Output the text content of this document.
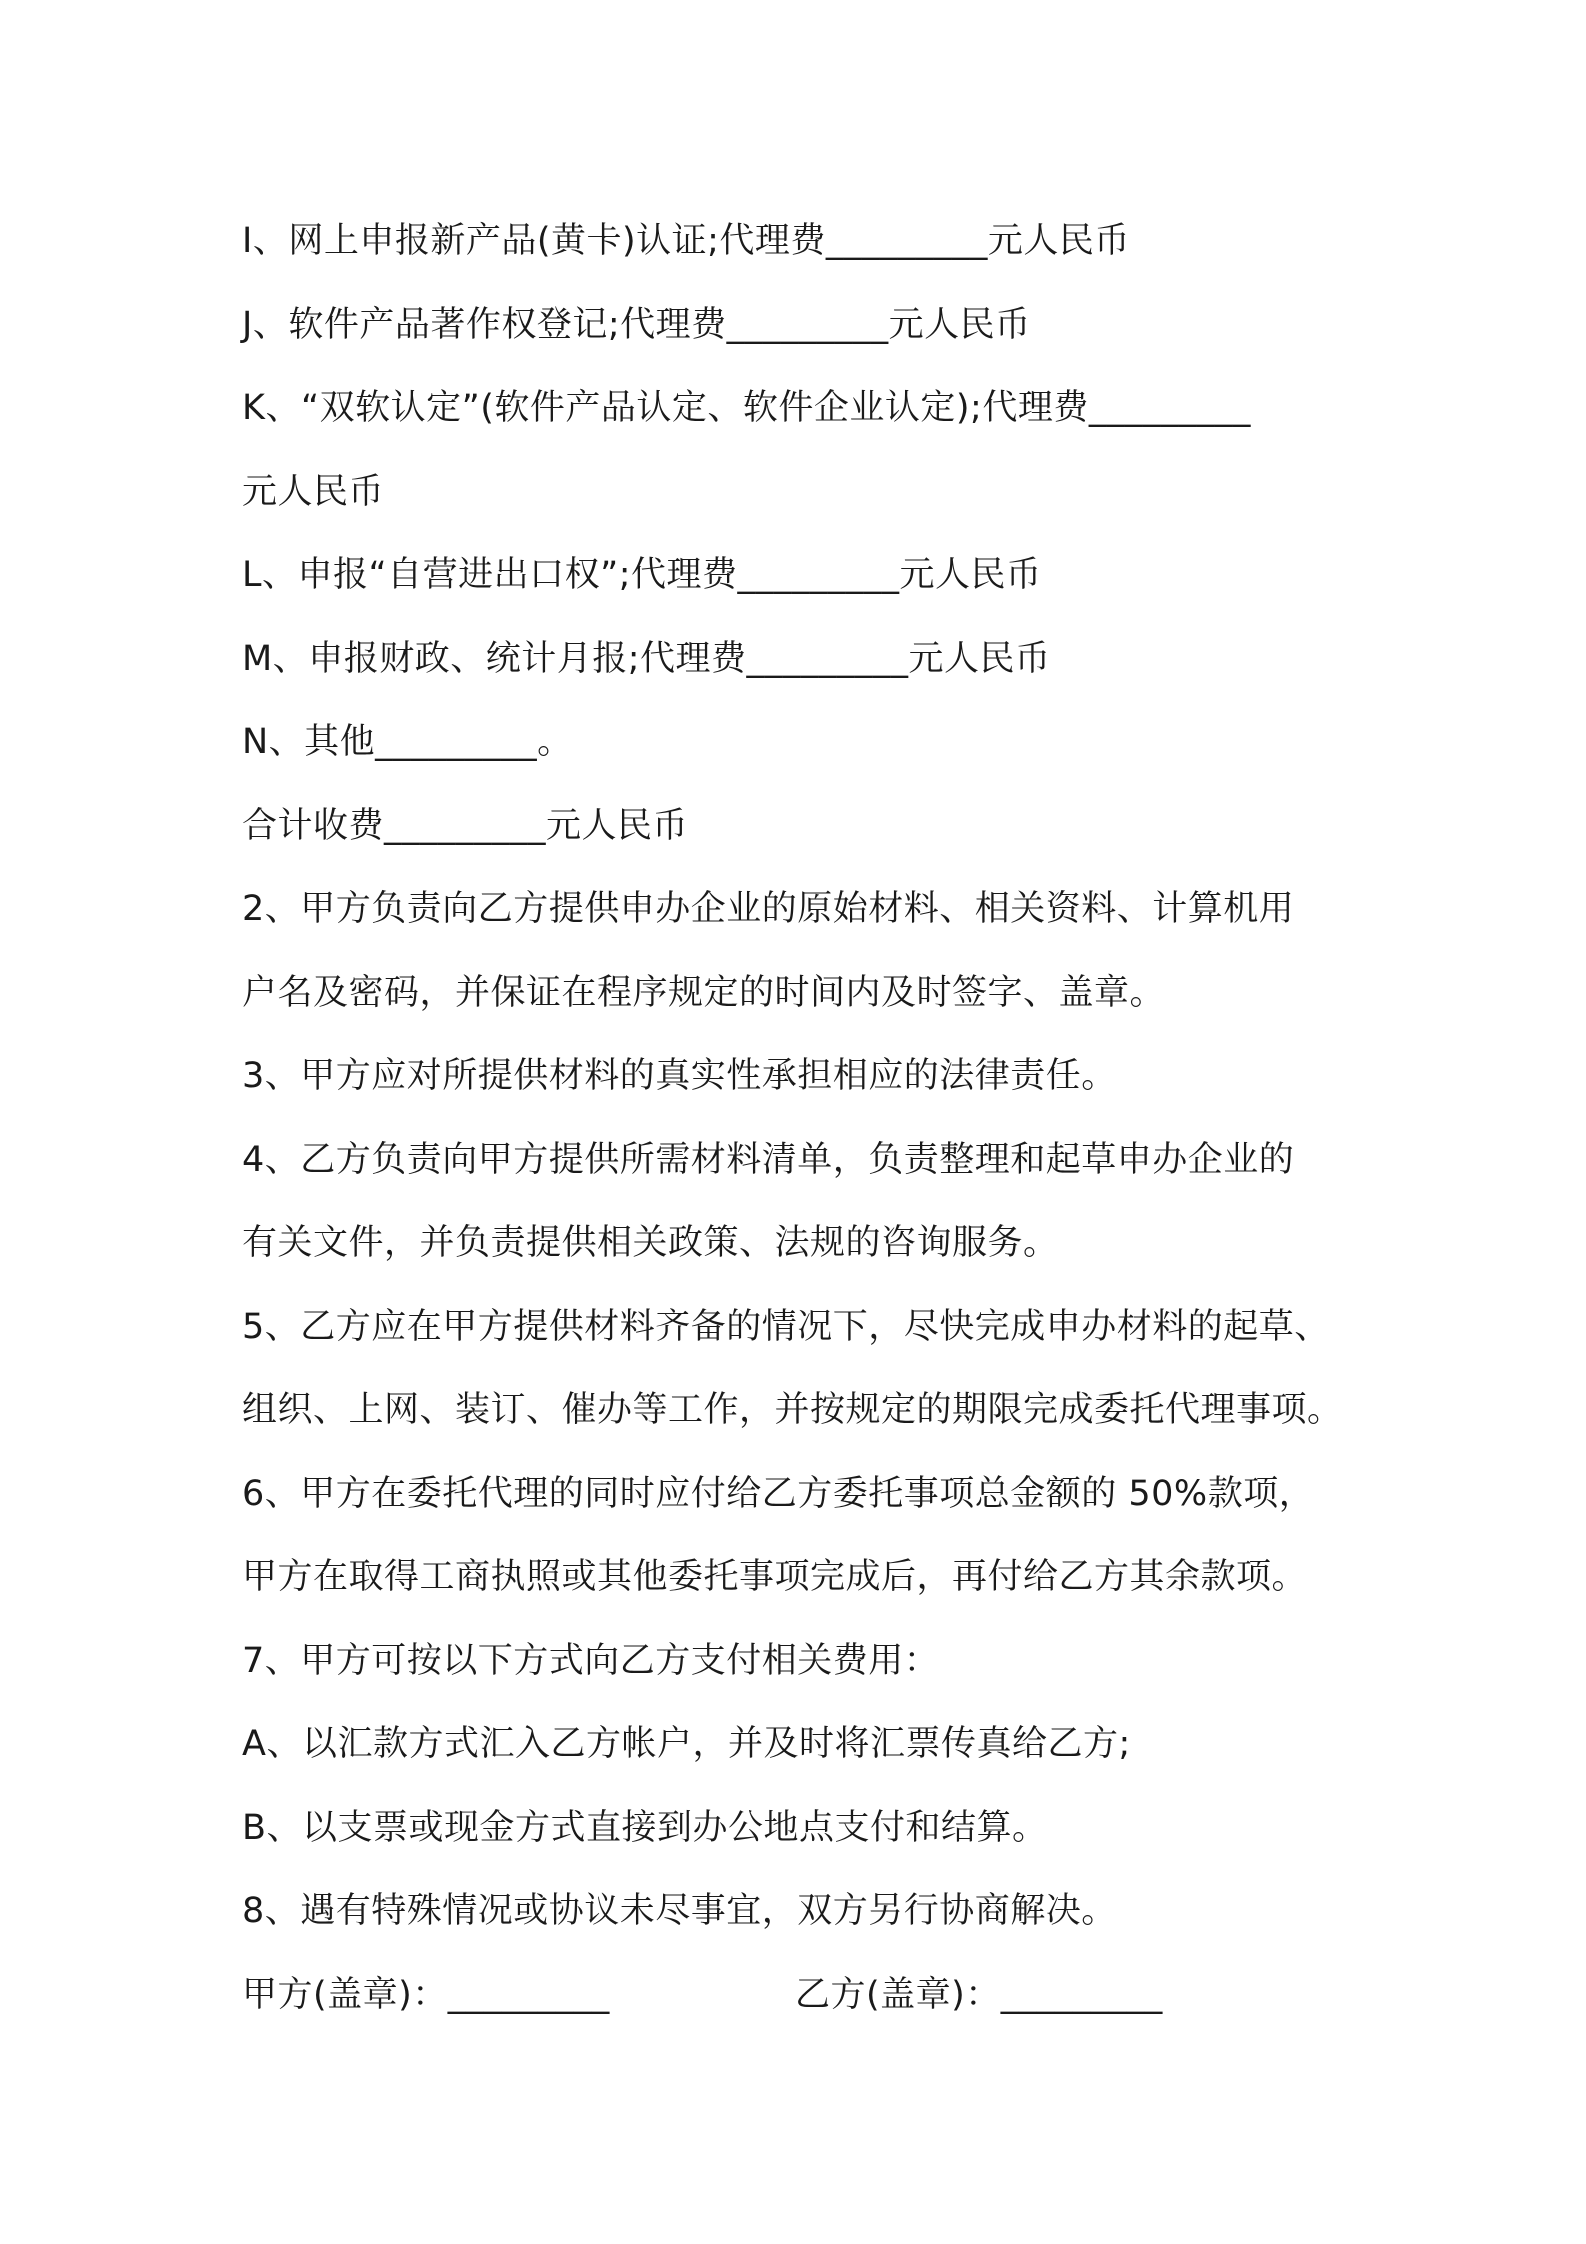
I、网上申报新产品(黄卡)认证;代理费_________元人民币
J、软件产品著作权登记;代理费_________元人民币
K、“双软认定”(软件产品认定、软件企业认定);代理费_________
元人民币
L、申报“自营进出口权”;代理费_________元人民币
M、申报财政、统计月报;代理费_________元人民币
N、其他_________。
合计收费_________元人民币
2、甲方负责向乙方提供申办企业的原始材料、相关资料、计算机用
户名及密码，并保证在程序规定的时间内及时签字、盖章。
3、甲方应对所提供材料的真实性承担相应的法律责任。
4、乙方负责向甲方提供所需材料清单，负责整理和起草申办企业的
有关文件，并负责提供相关政策、法规的咨询服务。
5、乙方应在甲方提供材料齐备的情况下，尽快完成申办材料的起草、
组织、上网、装订、催办等工作，并按规定的期限完成委托代理事项。
6、甲方在委托代理的同时应付给乙方委托事项总金额的 50%款项，
甲方在取得工商执照或其他委托事项完成后，再付给乙方其余款项。
7、甲方可按以下方式向乙方支付相关费用：
A、以汇款方式汇入乙方帐户，并及时将汇票传真给乙方;
B、以支票或现金方式直接到办公地点支付和结算。
8、遇有特殊情况或协议未尽事宜，双方另行协商解决。
甲方(盖章)：_________	乙方(盖章)：_________
